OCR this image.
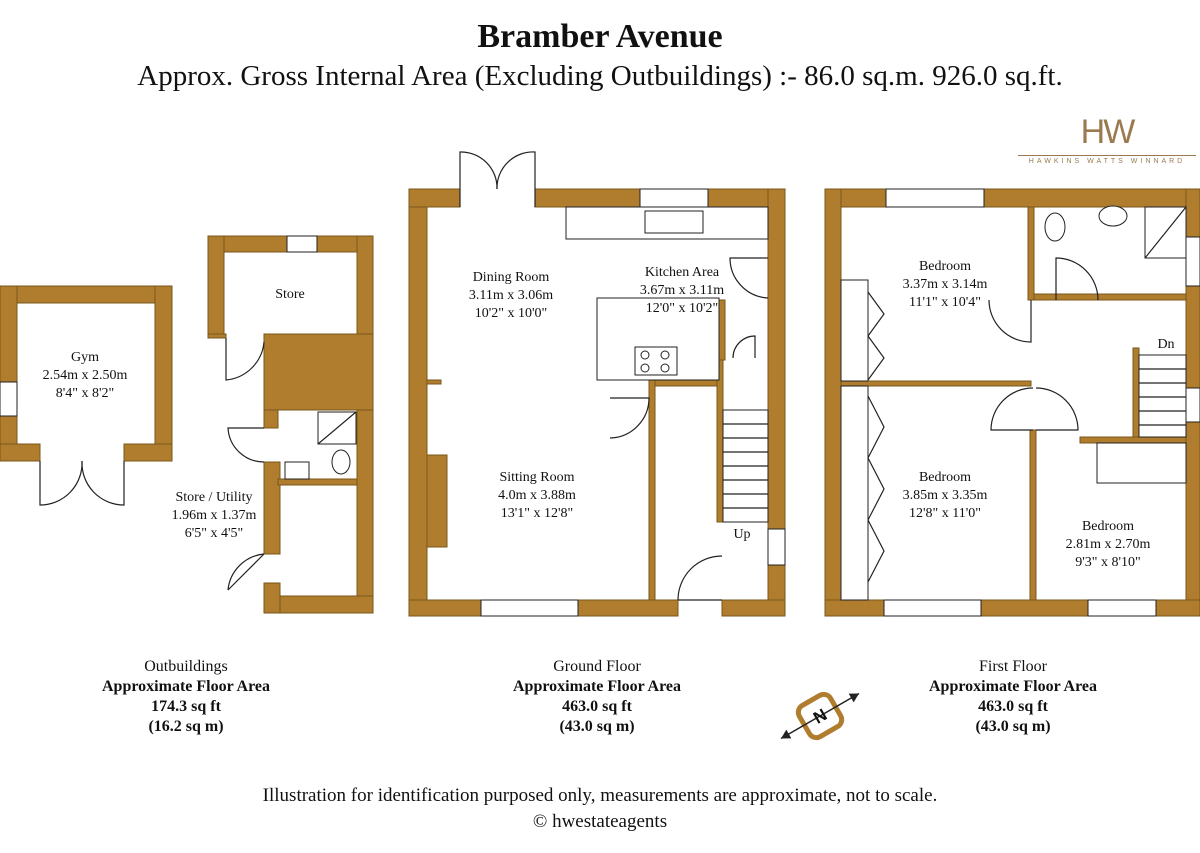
Bramber Avenue
Approx. Gross Internal Area (Excluding Outbuildings) :- 86.0 sq.m. 926.0 sq.ft.
HW
HAWKINS WATTS WINNARD
Gym
2.54m x 2.50m
8'4" x 8'2"
Store
Store / Utility
1.96m x 1.37m
6'5" x 4'5"
Dining Room
3.11m x 3.06m
10'2" x 10'0"
Kitchen Area
3.67m x 3.11m
12'0" x 10'2"
Sitting Room
4.0m x 3.88m
13'1" x 12'8"
Up
Bedroom
3.37m x 3.14m
11'1" x 10'4"
Bedroom
3.85m x 3.35m
12'8" x 11'0"
Bedroom
2.81m x 2.70m
9'3" x 8'10"
Dn
N
Outbuildings
Approximate Floor Area
174.3 sq ft
(16.2 sq m)
Ground Floor
Approximate Floor Area
463.0 sq ft
(43.0 sq m)
First Floor
Approximate Floor Area
463.0 sq ft
(43.0 sq m)
Illustration for identification purposed only, measurements are approximate, not to scale.
© hwestateagents
